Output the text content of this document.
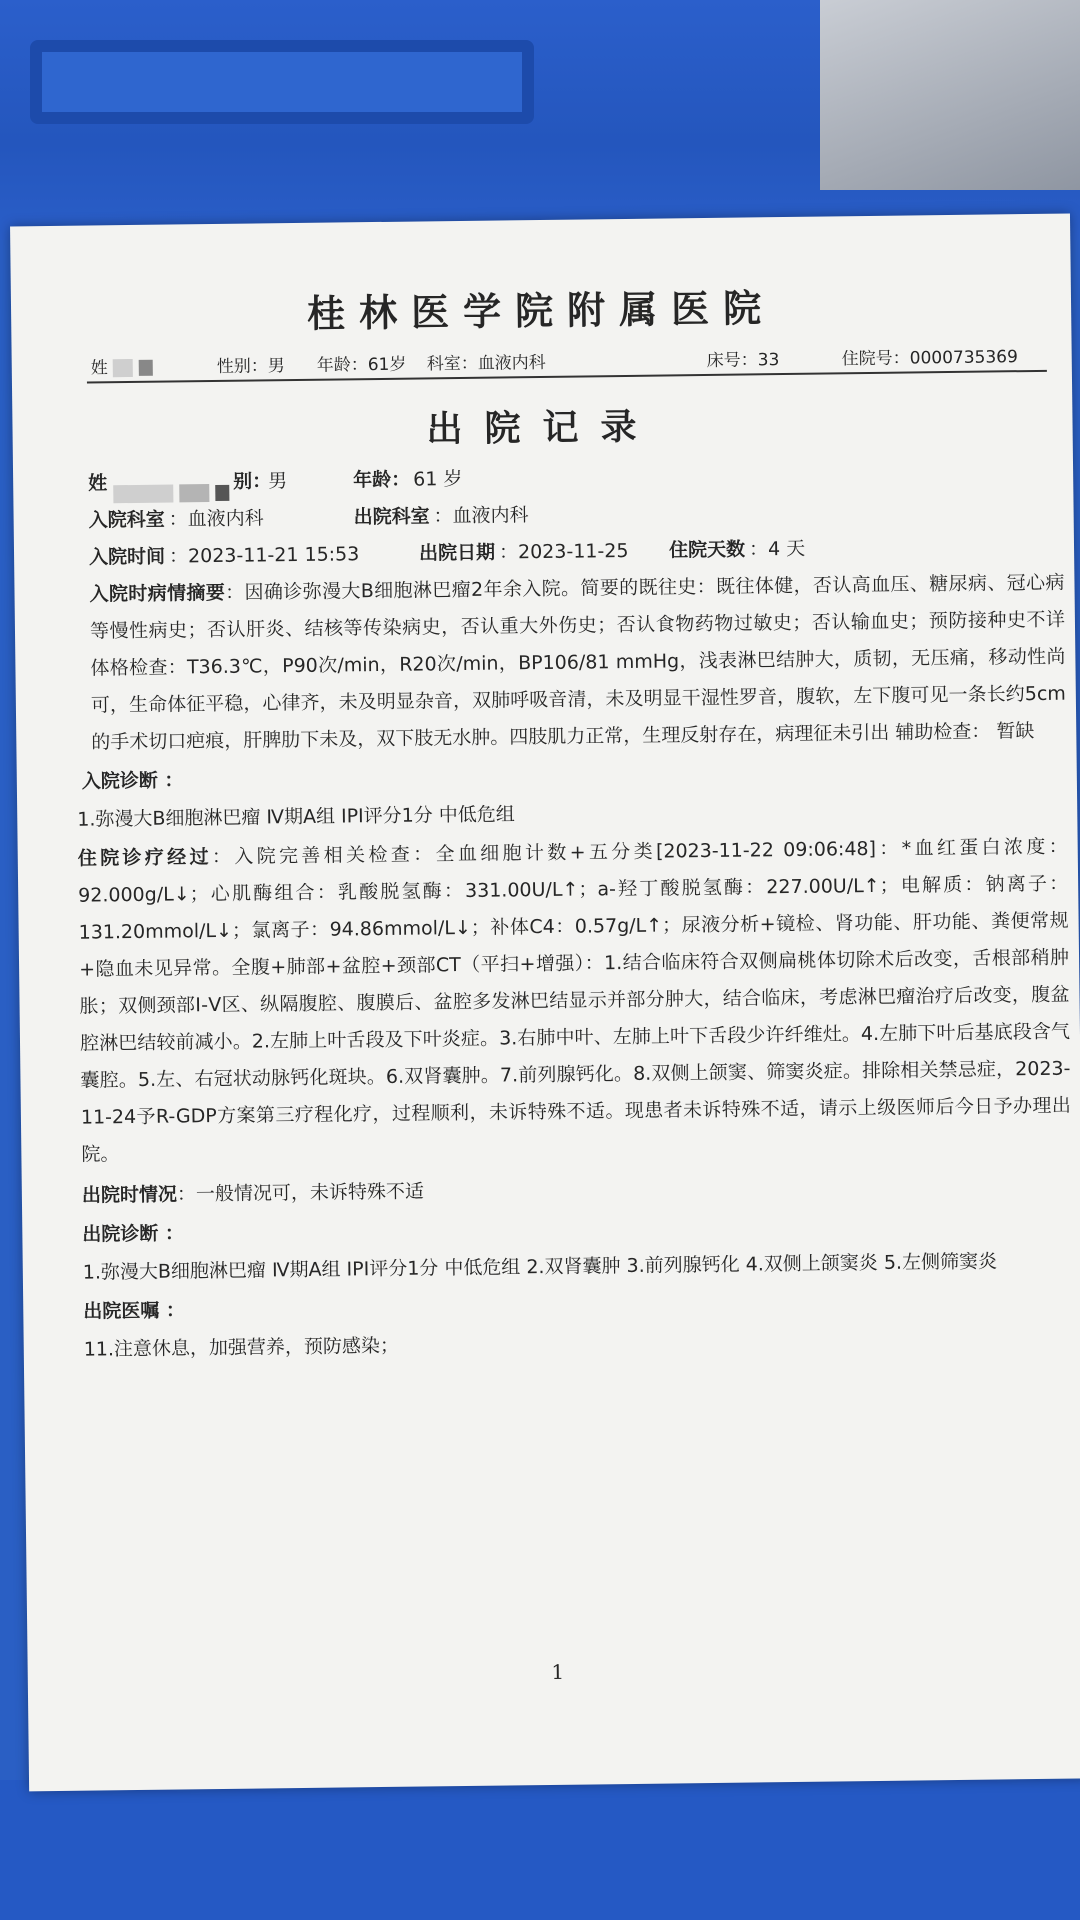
桂林医学院附属医院
姓	性别：男 年龄：61岁 科室：血液内科	床号：33	住院号：0000735369
出院记录
姓
	别：
男	年龄： 61 岁
入院科室 ：血液内科	出院科室 ：血液内科
入院时间 ：2023-11-21 15:53	出院日期 ：2023-11-25 住院天数 ：4 天

入院时病情摘要：因确诊弥漫大B细胞淋巴瘤2年余入院。简要的既往史：既往体健，否认高血压、糖尿病、冠心病等慢性病史；否认肝炎、结核等传染病史，否认重大外伤史；否认食物药物过敏史；否认输血史；预防接种史不详 体格检查：T36.3℃，P90次/min，R20次/min，BP106/81 mmHg，浅表淋巴结肿大，质韧，无压痛，移动性尚可，生命体征平稳，心律齐，未及明显杂音，双肺呼吸音清，未及明显干湿性罗音，腹软，左下腹可见一条长约5cm的手术切口疤痕，肝脾肋下未及，双下肢无水肿。四肢肌力正常，生理反射存在，病理征未引出 辅助检查： 暂缺

入院诊断 ：

1.弥漫大B细胞淋巴瘤 Ⅳ期A组 IPI评分1分 中低危组

住院诊疗经过：入院完善相关检查：全血细胞计数+五分类[2023-11-22 09:06:48]：*血红蛋白浓度：92.000g/L↓；心肌酶组合：乳酸脱氢酶：331.00U/L↑；a-羟丁酸脱氢酶：227.00U/L↑；电解质：钠离子：131.20mmol/L↓；氯离子：94.86mmol/L↓；补体C4：0.57g/L↑；尿液分析+镜检、肾功能、肝功能、粪便常规+隐血未见异常。全腹+肺部+盆腔+颈部CT（平扫+增强）：1.结合临床符合双侧扁桃体切除术后改变，舌根部稍肿胀；双侧颈部Ⅰ-Ⅴ区、纵隔腹腔、腹膜后、盆腔多发淋巴结显示并部分肿大，结合临床，考虑淋巴瘤治疗后改变，腹盆腔淋巴结较前减小。2.左肺上叶舌段及下叶炎症。3.右肺中叶、左肺上叶下舌段少许纤维灶。4.左肺下叶后基底段含气囊腔。5.左、右冠状动脉钙化斑块。6.双肾囊肿。7.前列腺钙化。8.双侧上颌窦、筛窦炎症。排除相关禁忌症，2023-11-24予R-GDP方案第三疗程化疗，过程顺利，未诉特殊不适。现患者未诉特殊不适，请示上级医师后今日予办理出院。

出院时情况：一般情况可，未诉特殊不适

出院诊断 ：

1.弥漫大B细胞淋巴瘤 Ⅳ期A组 IPI评分1分 中低危组 2.双肾囊肿 3.前列腺钙化 4.双侧上颌窦炎 5.左侧筛窦炎

出院医嘱 ：

11.注意休息，加强营养，预防感染；

1
